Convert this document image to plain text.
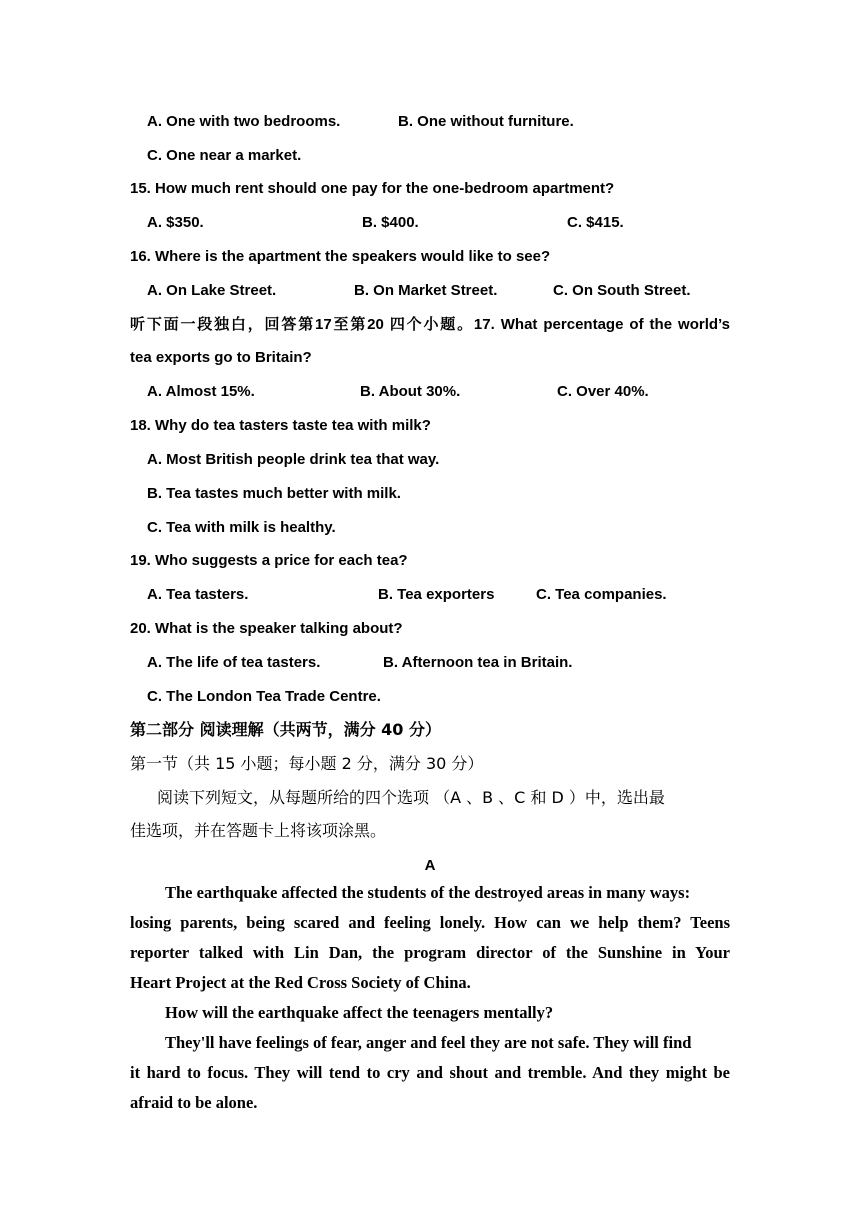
A. One with two bedrooms.	B. One without furniture.
C. One near a market.
15. How much rent should one pay for the one-bedroom apartment?
A. $350.	B. $400.	C. $415.
16. Where is the apartment the speakers would like to see?
A. On Lake Street.	B. On Market Street.	C. On South Street.
听下面一段独白，回答第17至第20 四个小题。17. What percentage of the world’s
tea exports go to Britain?
A. Almost 15%.	B. About 30%.	C. Over 40%.
18. Why do tea tasters taste tea with milk?
A. Most British people drink tea that way.
B. Tea tastes much better with milk.
C. Tea with milk is healthy.
19. Who suggests a price for each tea?
A. Tea tasters.	B. Tea exporters	C. Tea companies.
20. What is the speaker talking about?
A. The life of tea tasters.	B. Afternoon tea in Britain.
C. The London Tea Trade Centre.
第二部分 阅读理解（共两节，满分 40 分）
第一节（共 15 小题；每小题 2 分，满分 30 分）
阅读下列短文，从每题所给的四个选项 （A 、B 、C 和 D ）中，选出最
佳选项，并在答题卡上将该项涂黑。
A
The earthquake affected the students of the destroyed areas in many ways:
losing parents, being scared and feeling lonely. How can we help them? Teens
reporter talked with Lin Dan, the program director of the Sunshine in Your
Heart Project at the Red Cross Society of China.
How will the earthquake affect the teenagers mentally?
They'll have feelings of fear, anger and feel they are not safe. They will find
it hard to focus. They will tend to cry and shout and tremble. And they might be
afraid to be alone.
